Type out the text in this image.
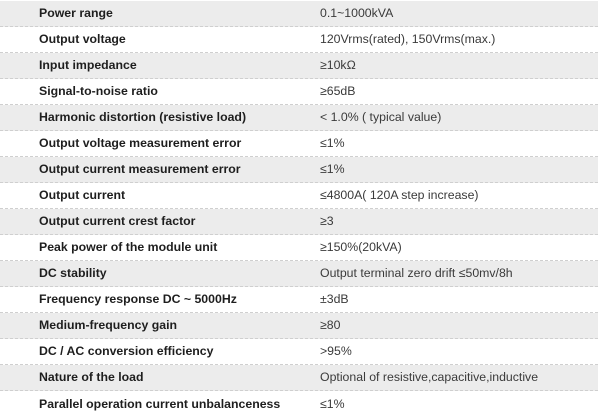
Power range	0.1~1000kVA
Output voltage	120Vrms(rated), 150Vrms(max.)
Input impedance	≥10kΩ
Signal-to-noise ratio	≥65dB
Harmonic distortion (resistive load)	< 1.0% ( typical value)
Output voltage measurement error	≤1%
Output current measurement error	≤1%
Output current	≤4800A( 120A step increase)
Output current crest factor	≥3
Peak power of the module unit	≥150%(20kVA)
DC stability	Output terminal zero drift ≤50mv/8h
Frequency response DC ~ 5000Hz	±3dB
Medium-frequency gain	≥80
DC / AC conversion efficiency	>95%
Nature of the load	Optional of resistive,capacitive,inductive
Parallel operation current unbalanceness	≤1%
